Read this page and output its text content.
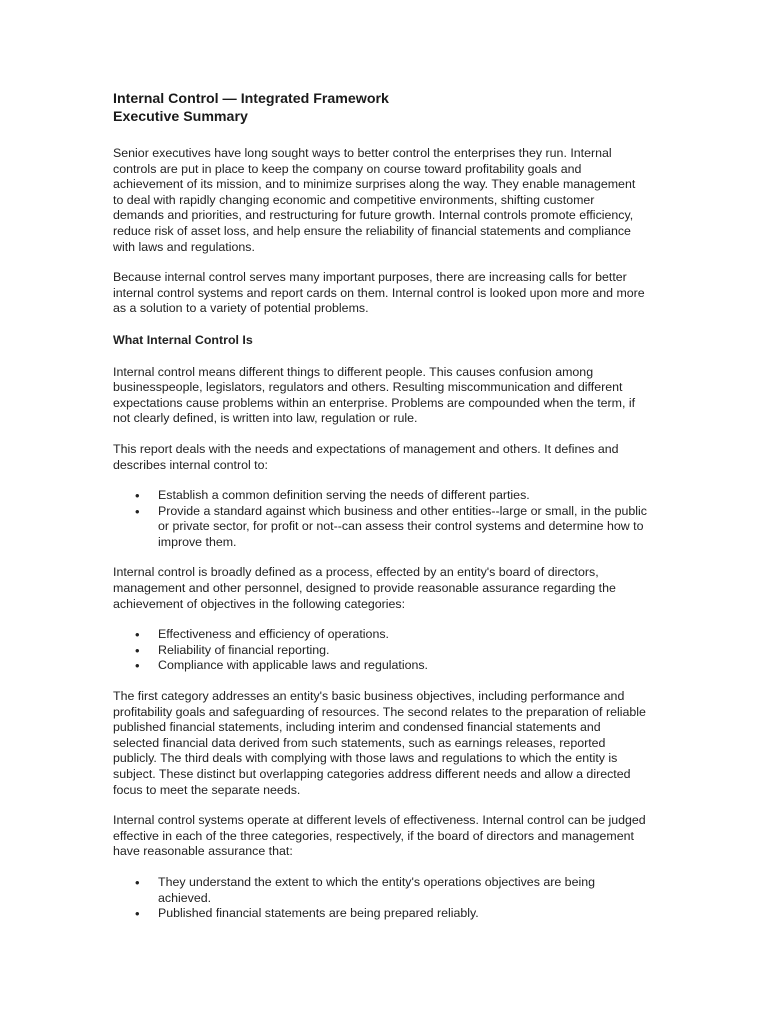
Internal Control — Integrated Framework

Executive Summary

Senior executives have long sought ways to better control the enterprises they run. Internal
controls are put in place to keep the company on course toward profitability goals and
achievement of its mission, and to minimize surprises along the way. They enable management
to deal with rapidly changing economic and competitive environments, shifting customer
demands and priorities, and restructuring for future growth. Internal controls promote efficiency,
reduce risk of asset loss, and help ensure the reliability of financial statements and compliance
with laws and regulations.

Because internal control serves many important purposes, there are increasing calls for better
internal control systems and report cards on them. Internal control is looked upon more and more
as a solution to a variety of potential problems.

What Internal Control Is

Internal control means different things to different people. This causes confusion among
businesspeople, legislators, regulators and others. Resulting miscommunication and different
expectations cause problems within an enterprise. Problems are compounded when the term, if
not clearly defined, is written into law, regulation or rule.

This report deals with the needs and expectations of management and others. It defines and
describes internal control to:

• Establish a common definition serving the needs of different parties.
• Provide a standard against which business and other entities--large or small, in the public
or private sector, for profit or not--can assess their control systems and determine how to
improve them.

Internal control is broadly defined as a process, effected by an entity's board of directors,
management and other personnel, designed to provide reasonable assurance regarding the
achievement of objectives in the following categories:

• Effectiveness and efficiency of operations.
• Reliability of financial reporting.
• Compliance with applicable laws and regulations.

The first category addresses an entity's basic business objectives, including performance and
profitability goals and safeguarding of resources. The second relates to the preparation of reliable
published financial statements, including interim and condensed financial statements and
selected financial data derived from such statements, such as earnings releases, reported
publicly. The third deals with complying with those laws and regulations to which the entity is
subject. These distinct but overlapping categories address different needs and allow a directed
focus to meet the separate needs.

Internal control systems operate at different levels of effectiveness. Internal control can be judged
effective in each of the three categories, respectively, if the board of directors and management
have reasonable assurance that:

• They understand the extent to which the entity's operations objectives are being
achieved.
• Published financial statements are being prepared reliably.
